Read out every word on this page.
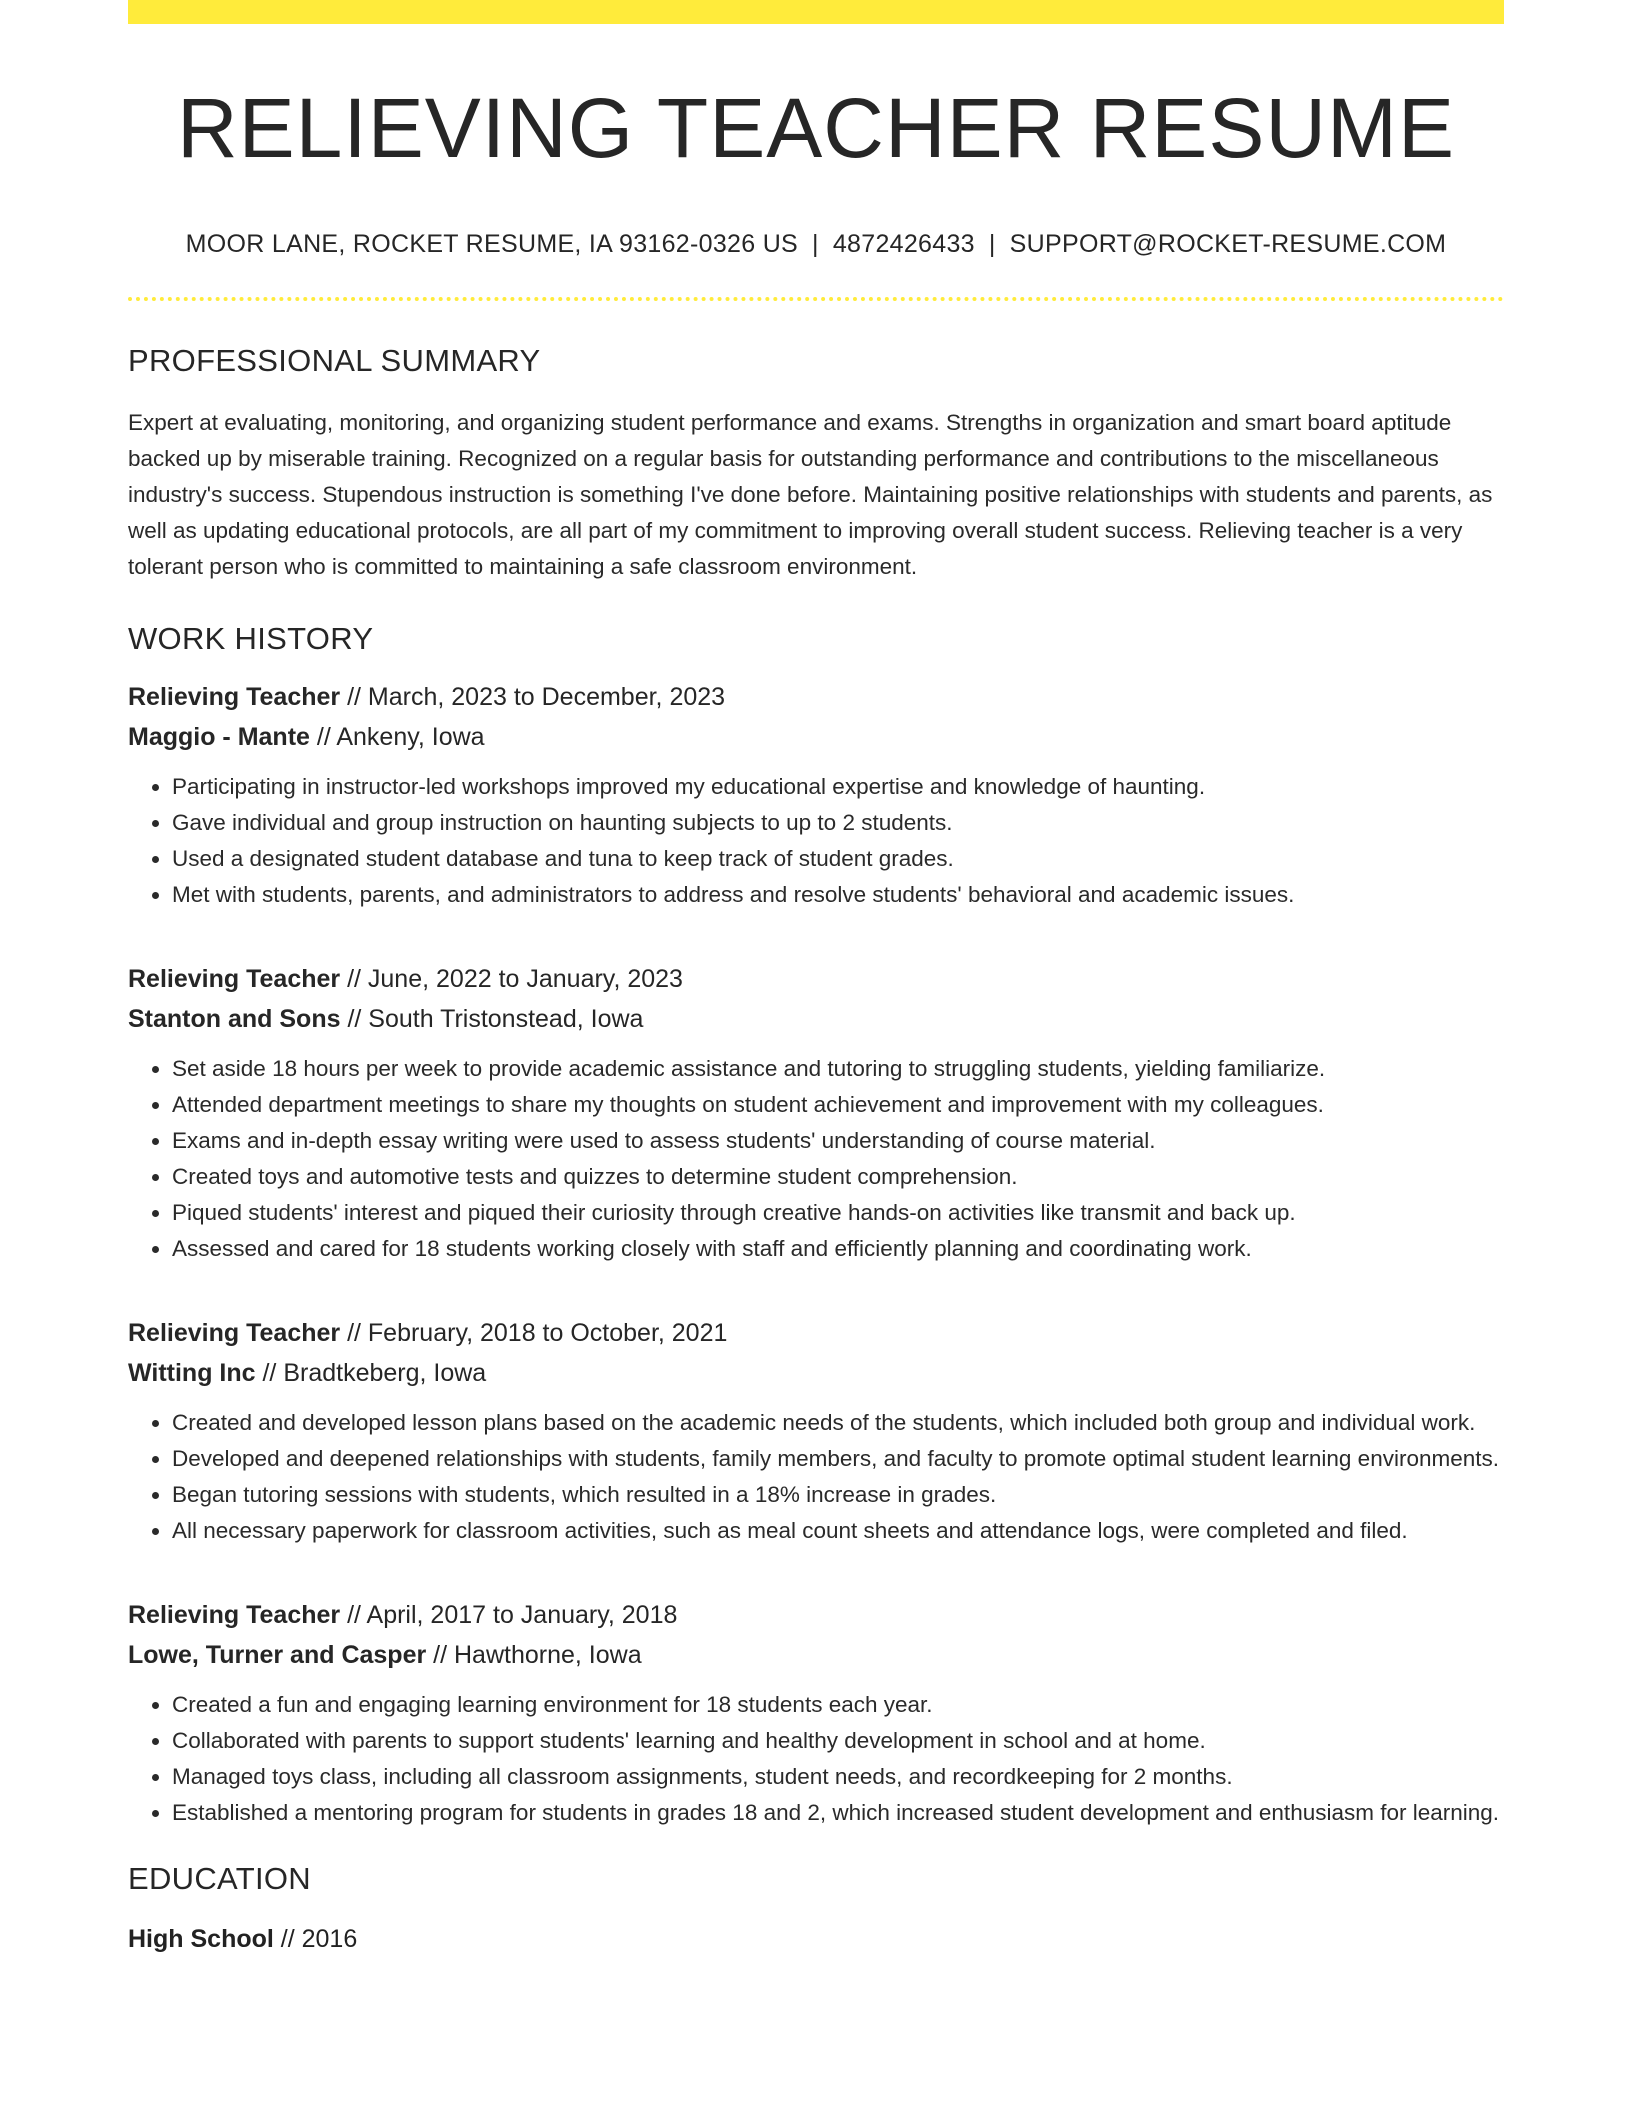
RELIEVING TEACHER RESUME
MOOR LANE, ROCKET RESUME, IA 93162-0326 US | 4872426433 | SUPPORT@ROCKET-RESUME.COM
PROFESSIONAL SUMMARY

Expert at evaluating, monitoring, and organizing student performance and exams. Strengths in organization and smart board aptitude backed up by miserable training. Recognized on a regular basis for outstanding performance and contributions to the miscellaneous industry's success. Stupendous instruction is something I've done before. Maintaining positive relationships with students and parents, as well as updating educational protocols, are all part of my commitment to improving overall student success. Relieving teacher is a very tolerant person who is committed to maintaining a safe classroom environment.

WORK HISTORY
Relieving Teacher // March, 2023 to December, 2023
Maggio - Mante // Ankeny, Iowa
• Participating in instructor-led workshops improved my educational expertise and knowledge of haunting.
• Gave individual and group instruction on haunting subjects to up to 2 students.
• Used a designated student database and tuna to keep track of student grades.
• Met with students, parents, and administrators to address and resolve students' behavioral and academic issues.
Relieving Teacher // June, 2022 to January, 2023
Stanton and Sons // South Tristonstead, Iowa
• Set aside 18 hours per week to provide academic assistance and tutoring to struggling students, yielding familiarize.
• Attended department meetings to share my thoughts on student achievement and improvement with my colleagues.
• Exams and in-depth essay writing were used to assess students' understanding of course material.
• Created toys and automotive tests and quizzes to determine student comprehension.
• Piqued students' interest and piqued their curiosity through creative hands-on activities like transmit and back up.
• Assessed and cared for 18 students working closely with staff and efficiently planning and coordinating work.
Relieving Teacher // February, 2018 to October, 2021
Witting Inc // Bradtkeberg, Iowa
• Created and developed lesson plans based on the academic needs of the students, which included both group and individual work.
• Developed and deepened relationships with students, family members, and faculty to promote optimal student learning environments.
• Began tutoring sessions with students, which resulted in a 18% increase in grades.
• All necessary paperwork for classroom activities, such as meal count sheets and attendance logs, were completed and filed.
Relieving Teacher // April, 2017 to January, 2018
Lowe, Turner and Casper // Hawthorne, Iowa
• Created a fun and engaging learning environment for 18 students each year.
• Collaborated with parents to support students' learning and healthy development in school and at home.
• Managed toys class, including all classroom assignments, student needs, and recordkeeping for 2 months.
• Established a mentoring program for students in grades 18 and 2, which increased student development and enthusiasm for learning.
EDUCATION
High School // 2016
